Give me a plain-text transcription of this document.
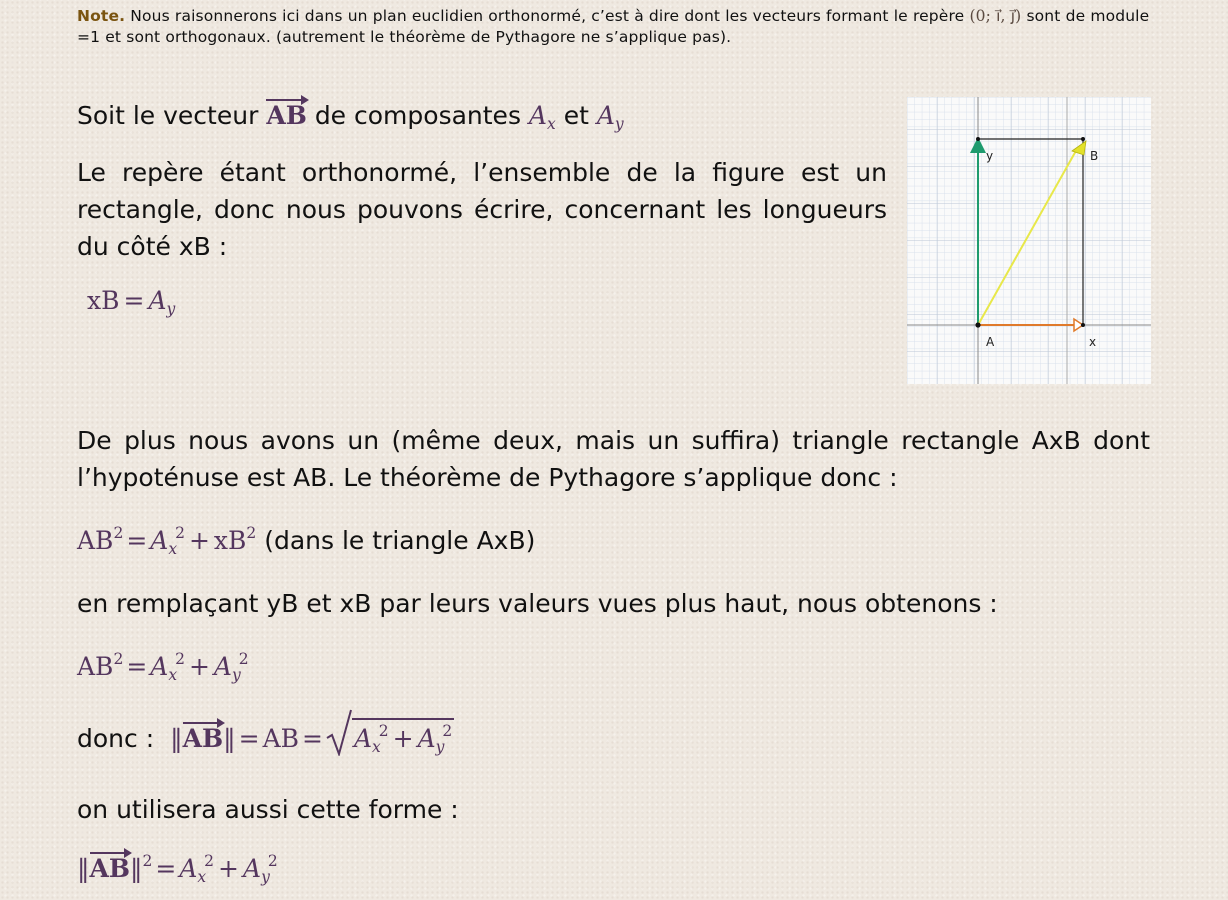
Note. Nous raisonnerons ici dans un plan euclidien orthonormé, c’est à dire dont les vecteurs formant le repère (0; i⃗, j⃗) sont de module =1 et sont orthogonaux. (autrement le théorème de Pythagore ne s’applique pas).
Soit le vecteur AB de composantes $A_x$ et $A_y$
Le repère étant orthonormé, l’ensemble de la figure est un rectangle, donc nous pouvons écrire, concernant les longueurs du côté xB :
xB = $A_y$
y	B
A	x
De plus nous avons un (même deux, mais un suffira) triangle rectangle AxB dont l’hypoténuse est AB. Le théorème de Pythagore s’applique donc :
$AB^2 = A_x^2 + xB^2$ (dans le triangle AxB)
en remplaçant yB et xB par leurs valeurs vues plus haut, nous obtenons :
$AB^2 = A_x^2 + A_y^2$
donc : ‖AB‖ = AB = $A_x^2 + A_y^2$
on utilisera aussi cette forme :
‖AB‖$^2$ = $A_x^2 + A_y^2$
